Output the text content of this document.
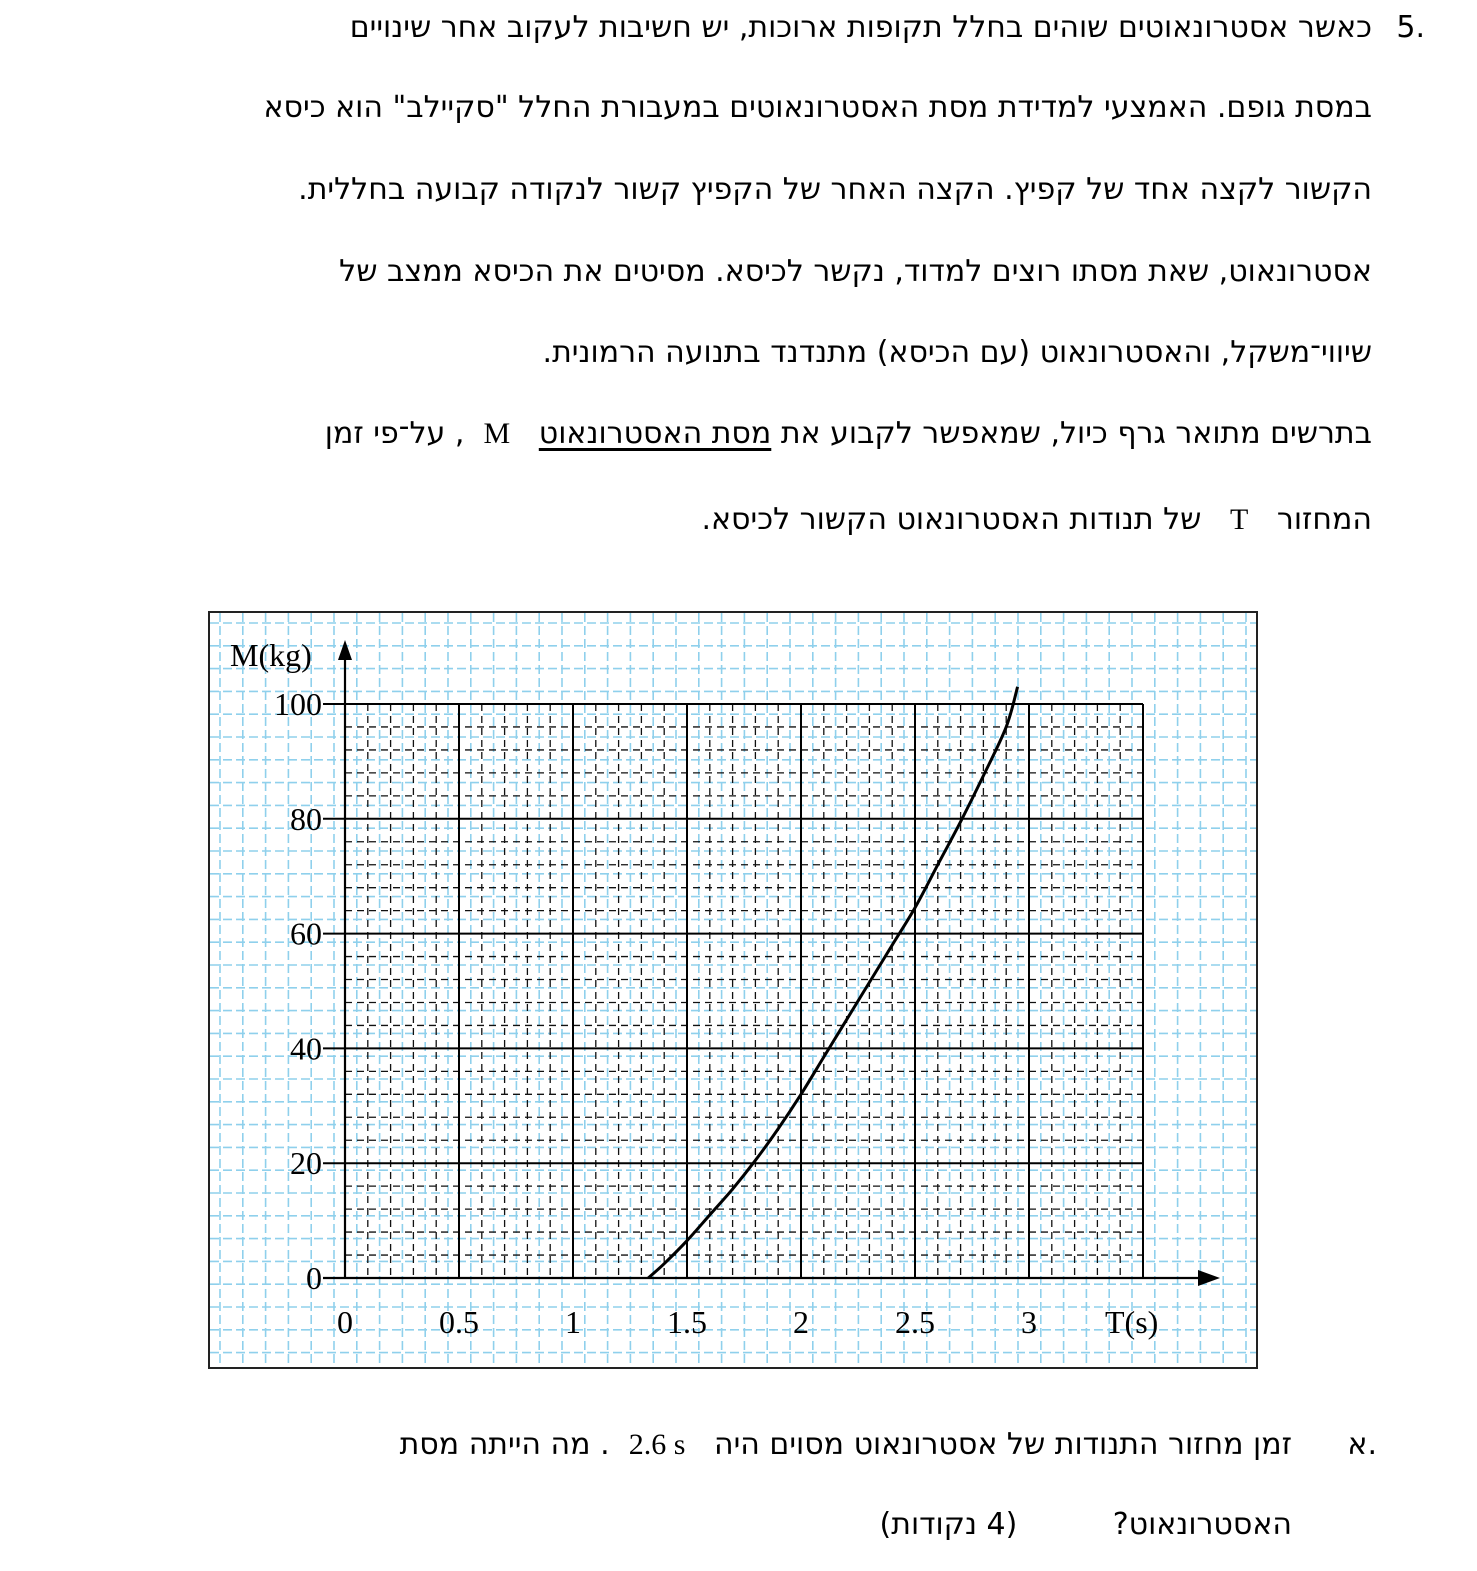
5.

כאשר אסטרונאוטים שוהים בחלל תקופות ארוכות, יש חשיבות לעקוב אחר שינויים

במסת גופם. האמצעי למדידת מסת האסטרונאוטים במעבורת החלל "סקיילב" הוא כיסא

הקשור לקצה אחד של קפיץ. הקצה האחר של הקפיץ קשור לנקודה קבועה בחללית.

אסטרונאוט, שאת מסתו רוצים למדוד, נקשר לכיסא. מסיטים את הכיסא ממצב של

שיווי־משקל, והאסטרונאוט (עם הכיסא) מתנדנד בתנועה הרמונית.

בתרשים מתואר גרף כיול, שמאפשר לקבוע את מסת האסטרונאוט   M  , על־פי זמן

המחזור   T   של תנודות האסטרונאוט הקשור לכיסא.

0	0.5	1	1.5	2	2.5	3
0
20
40
60
80
100
M(kg)
T(s)
א.

זמן מחזור התנודות של אסטרונאוט מסוים היה   2.6 s  . מה הייתה מסת

האסטרונאוט?          (4 נקודות)
